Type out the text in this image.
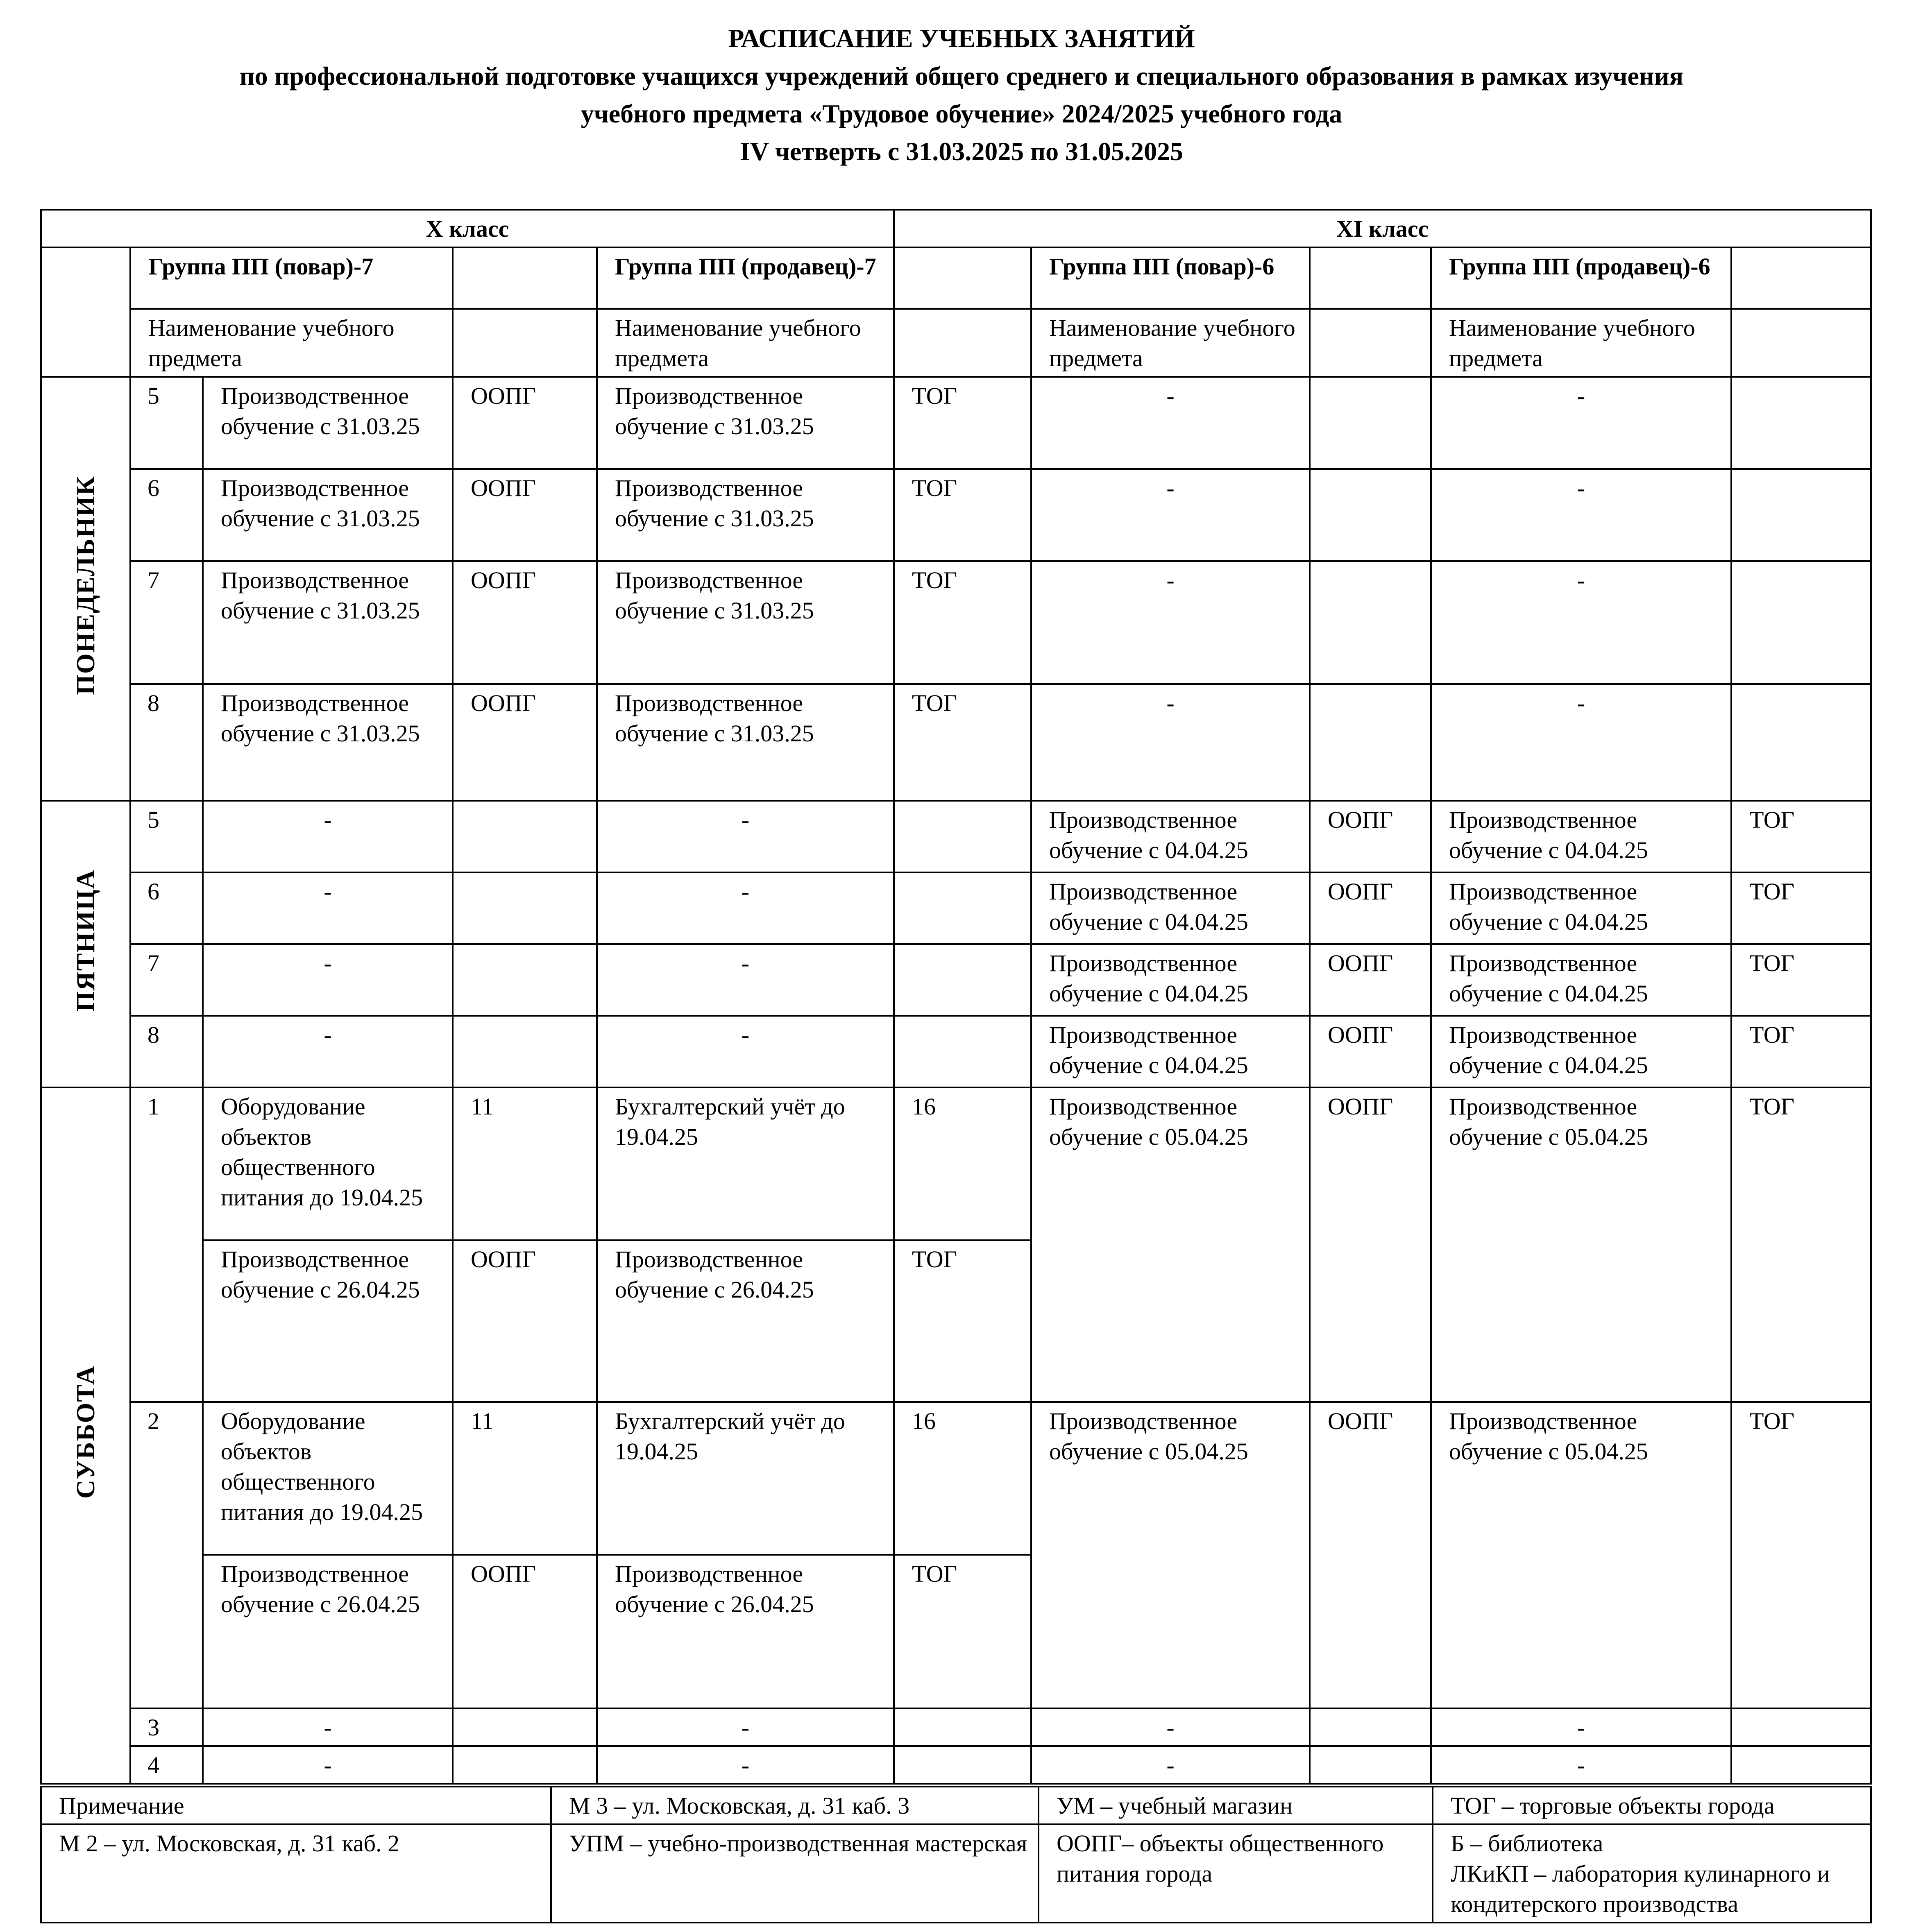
РАСПИСАНИЕ УЧЕБНЫХ ЗАНЯТИЙ
по профессиональной подготовке учащихся учреждений общего среднего и специального образования в рамках изучения
учебного предмета «Трудовое обучение» 2024/2025 учебного года
IV четверть с 31.03.2025 по 31.05.2025
Х класс					ХI класс				
	Группа ПП (повар)-7			Группа ПП (продавец)-7		Группа ПП (повар)-6		Группа ПП (продавец)-6	
	Наименование учебного предмета			Наименование учебного предмета		Наименование учебного предмета		Наименование учебного предмета	
ПОНЕДЕЛЬНИК	5	Производственное обучение с 31.03.25	ООПГ	Производственное обучение с 31.03.25	ТОГ	-		-	
	6	Производственное обучение с 31.03.25	ООПГ	Производственное обучение с 31.03.25	ТОГ	-		-	
	7	Производственное обучение с 31.03.25	ООПГ	Производственное обучение с 31.03.25	ТОГ	-		-	
	8	Производственное обучение с 31.03.25	ООПГ	Производственное обучение с 31.03.25	ТОГ	-		-	
ПЯТНИЦА	5	-		-		Производственное обучение с 04.04.25	ООПГ	Производственное обучение с 04.04.25	ТОГ
	6	-		-		Производственное обучение с 04.04.25	ООПГ	Производственное обучение с 04.04.25	ТОГ
	7	-		-		Производственное обучение с 04.04.25	ООПГ	Производственное обучение с 04.04.25	ТОГ
	8	-		-		Производственное обучение с 04.04.25	ООПГ	Производственное обучение с 04.04.25	ТОГ
СУББОТА	1	Оборудование объектов общественного питания до 19.04.25	11	Бухгалтерский учёт до 19.04.25	16	Производственное обучение с 05.04.25	ООПГ	Производственное обучение с 05.04.25	ТОГ
		Производственное обучение с 26.04.25	ООПГ	Производственное обучение с 26.04.25	ТОГ				
	2	Оборудование объектов общественного питания до 19.04.25	11	Бухгалтерский учёт до 19.04.25	16	Производственное обучение с 05.04.25	ООПГ	Производственное обучение с 05.04.25	ТОГ
		Производственное обучение с 26.04.25	ООПГ	Производственное обучение с 26.04.25	ТОГ				
	3	-		-		-		-	
	4	-		-		-		-	
Примечание	М 3 – ул. Московская, д. 31 каб. 3	УМ – учебный магазин	ТОГ – торговые объекты города
М 2 – ул. Московская, д. 31 каб. 2	УПМ – учебно-производственная мастерская	ООПГ– объекты общественного питания города	Б – библиотека
ЛКиКП – лаборатория кулинарного и кондитерского производства
